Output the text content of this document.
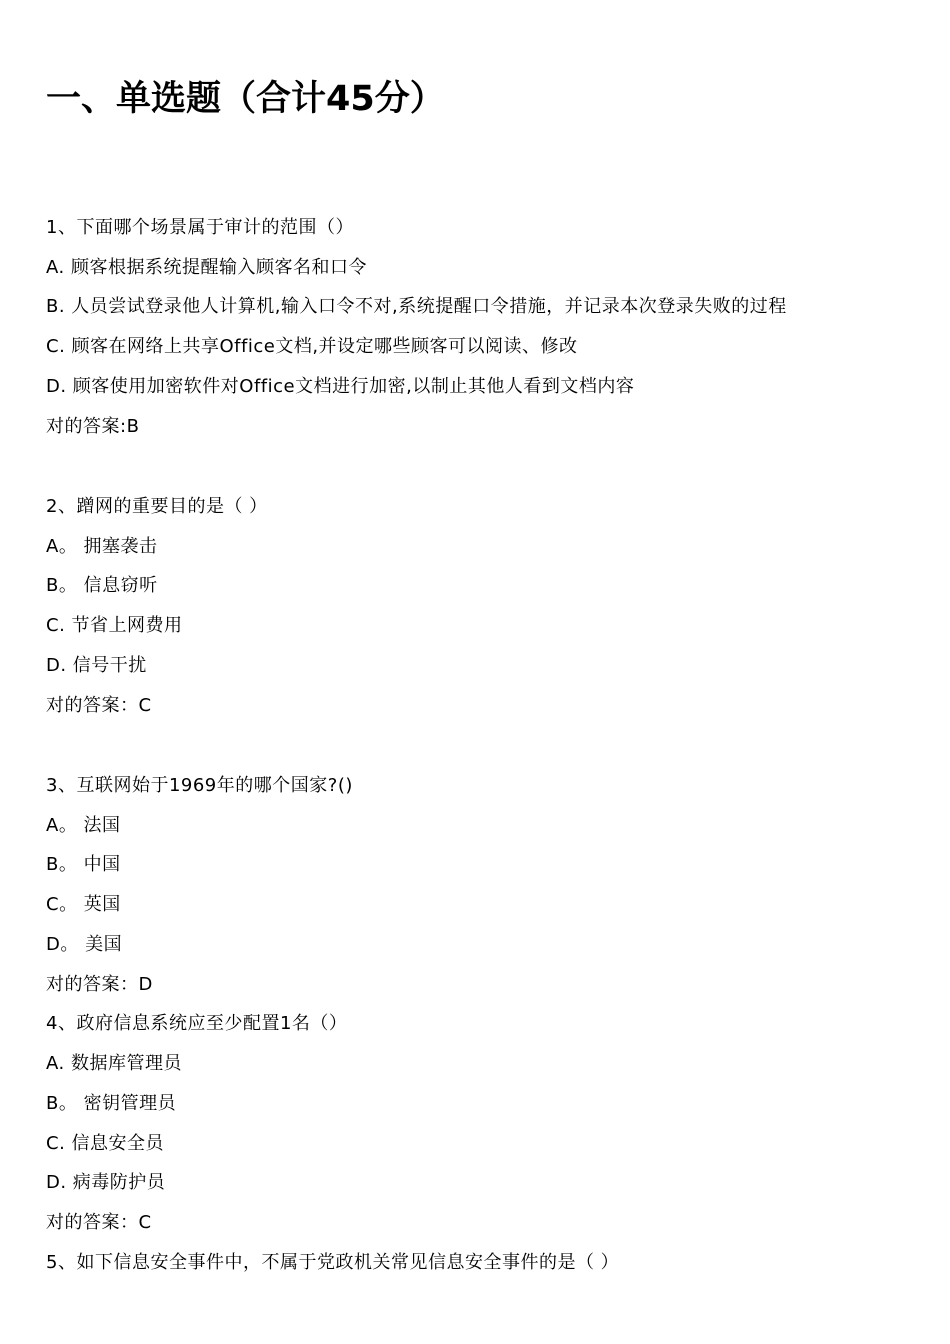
一、单选题（合计45分）

1、下面哪个场景属于审计的范围（）

A. 顾客根据系统提醒输入顾客名和口令

B. 人员尝试登录他人计算机,输入口令不对,系统提醒口令措施，并记录本次登录失败的过程

C. 顾客在网络上共享Office文档,并设定哪些顾客可以阅读、修改

D. 顾客使用加密软件对Office文档进行加密,以制止其他人看到文档内容

对的答案:B

2、蹭网的重要目的是（ ）

A。 拥塞袭击

B。 信息窃听

C. 节省上网费用

D. 信号干扰

对的答案：C

3、互联网始于1969年的哪个国家?()

A。 法国

B。 中国

C。 英国

D。 美国

对的答案：D

4、政府信息系统应至少配置1名（）

A. 数据库管理员

B。 密钥管理员

C. 信息安全员

D. 病毒防护员

对的答案：C

5、如下信息安全事件中，不属于党政机关常见信息安全事件的是（ ）
